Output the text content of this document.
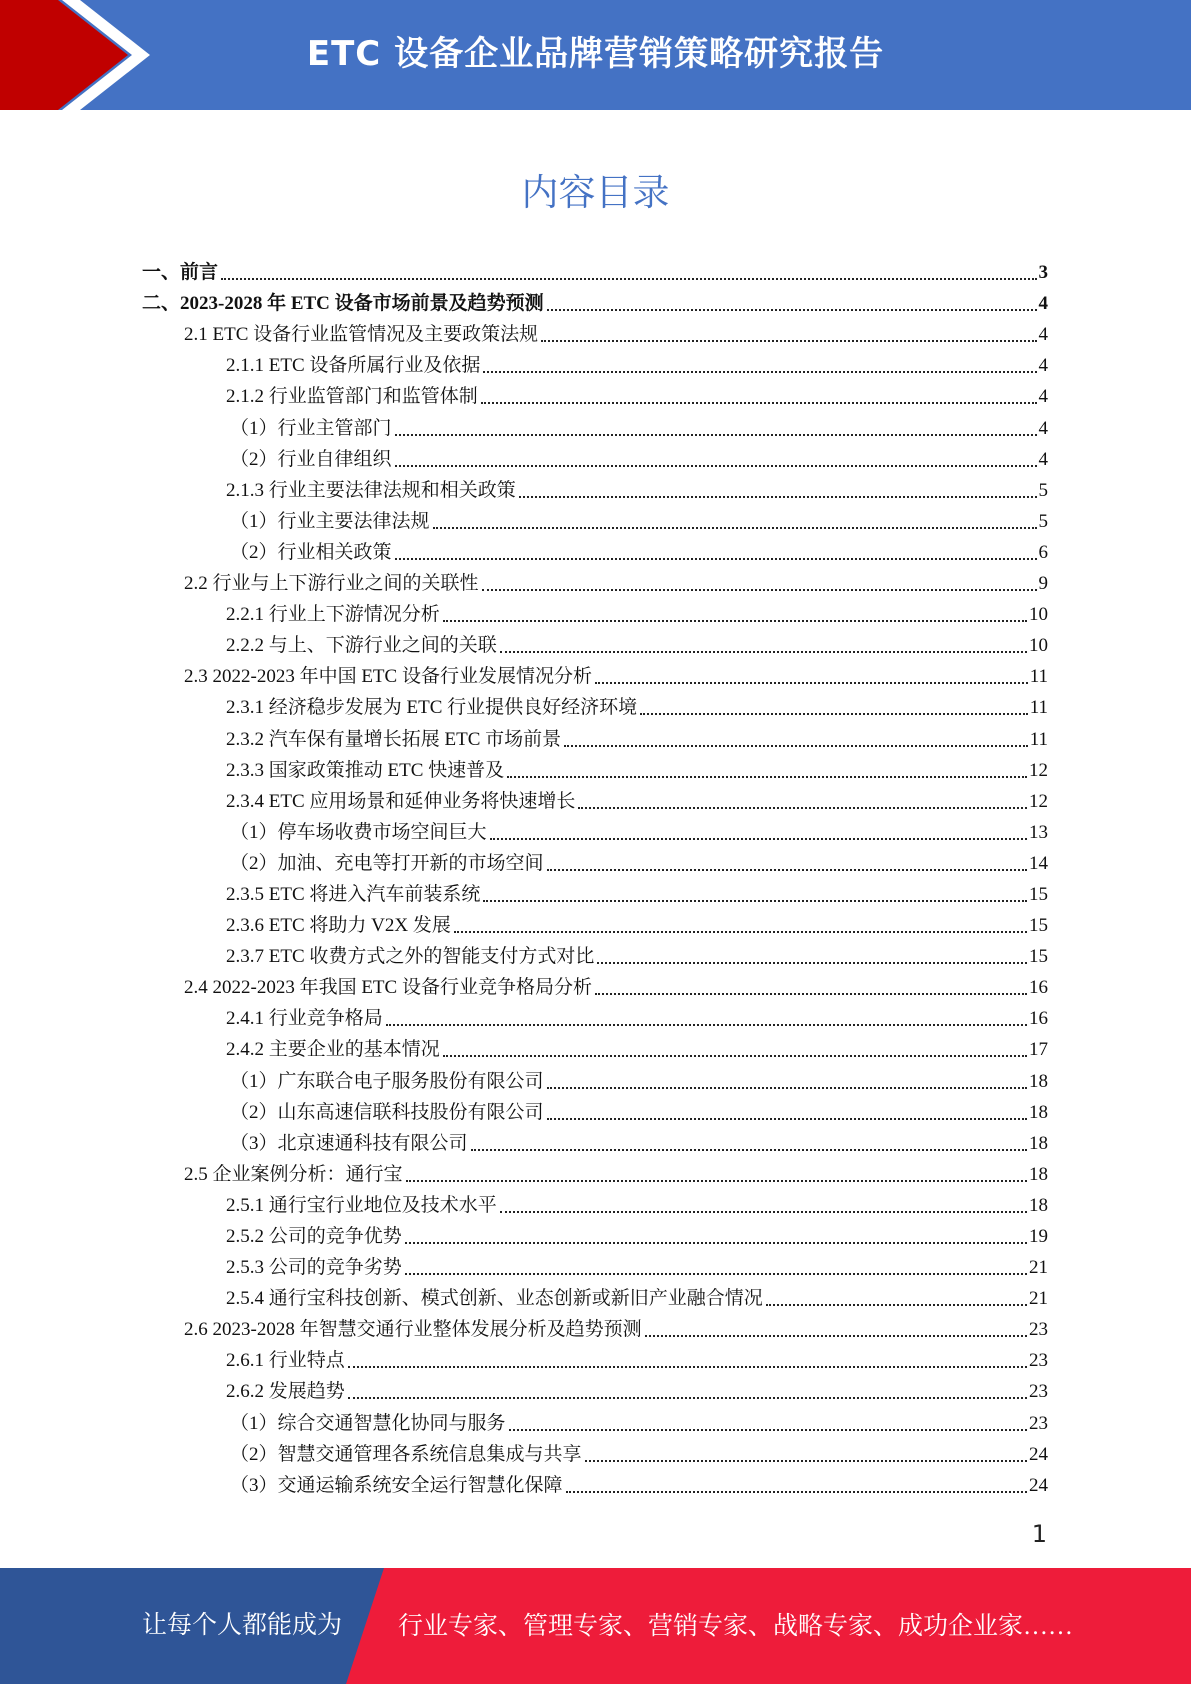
ETC 设备企业品牌营销策略研究报告
内容目录
一、前言	3
二、2023-2028 年 ETC 设备市场前景及趋势预测	4
2.1 ETC 设备行业监管情况及主要政策法规	4
2.1.1 ETC 设备所属行业及依据	4
2.1.2 行业监管部门和监管体制	4
（1）行业主管部门	4
（2）行业自律组织	4
2.1.3 行业主要法律法规和相关政策	5
（1）行业主要法律法规	5
（2）行业相关政策	6
2.2 行业与上下游行业之间的关联性	9
2.2.1 行业上下游情况分析	10
2.2.2 与上、下游行业之间的关联	10
2.3 2022-2023 年中国 ETC 设备行业发展情况分析	11
2.3.1 经济稳步发展为 ETC 行业提供良好经济环境	11
2.3.2 汽车保有量增长拓展 ETC 市场前景	11
2.3.3 国家政策推动 ETC 快速普及	12
2.3.4 ETC 应用场景和延伸业务将快速增长	12
（1）停车场收费市场空间巨大	13
（2）加油、充电等打开新的市场空间	14
2.3.5 ETC 将进入汽车前装系统	15
2.3.6 ETC 将助力 V2X 发展	15
2.3.7 ETC 收费方式之外的智能支付方式对比	15
2.4 2022-2023 年我国 ETC 设备行业竞争格局分析	16
2.4.1 行业竞争格局	16
2.4.2 主要企业的基本情况	17
（1）广东联合电子服务股份有限公司	18
（2）山东高速信联科技股份有限公司	18
（3）北京速通科技有限公司	18
2.5 企业案例分析：通行宝	18
2.5.1 通行宝行业地位及技术水平	18
2.5.2 公司的竞争优势	19
2.5.3 公司的竞争劣势	21
2.5.4 通行宝科技创新、模式创新、业态创新或新旧产业融合情况	21
2.6 2023-2028 年智慧交通行业整体发展分析及趋势预测	23
2.6.1 行业特点	23
2.6.2 发展趋势	23
（1）综合交通智慧化协同与服务	23
（2）智慧交通管理各系统信息集成与共享	24
（3）交通运输系统安全运行智慧化保障	24
1
让每个人都能成为 行业专家、管理专家、营销专家、战略专家、成功企业家……
